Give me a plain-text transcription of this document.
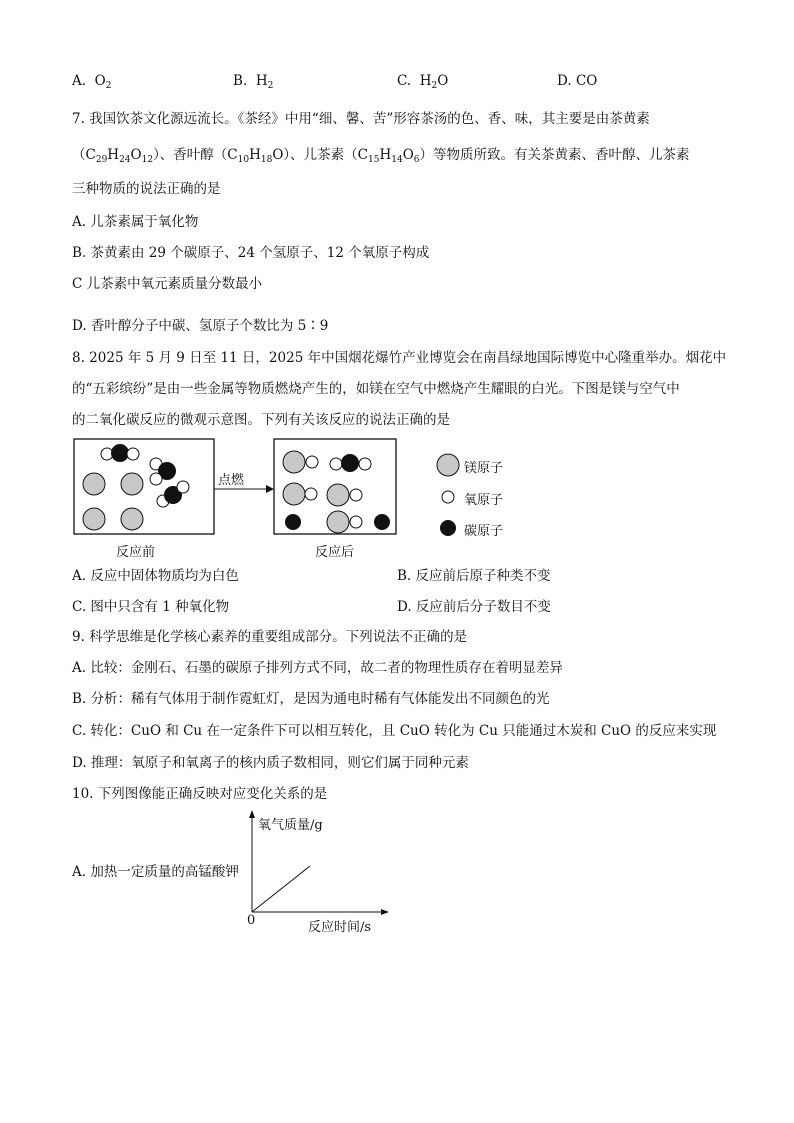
A. $O_2$	B. $H_2$	C. $H_2O$	D. CO
7. 我国饮茶文化源远流长。《茶经》中用“细、馨、苦”形容茶汤的色、香、味，其主要是由茶黄素
$(C_{29}H_{24}O_{12})$、香叶醇$(C_{10}H_{18}O)$、儿茶素$(C_{15}H_{14}O_6)$等物质所致。有关茶黄素、香叶醇、儿茶素
三种物质的说法正确的是
A. 儿茶素属于氧化物
B. 茶黄素由 29 个碳原子、24 个氢原子、12 个氧原子构成
C 儿茶素中氧元素质量分数最小
D. 香叶醇分子中碳、氢原子个数比为 5∶9
8. 2025 年 5 月 9 日至 11 日，2025 年中国烟花爆竹产业博览会在南昌绿地国际博览中心隆重举办。烟花中
的“五彩缤纷”是由一些金属等物质燃烧产生的，如镁在空气中燃烧产生耀眼的白光。下图是镁与空气中
的二氧化碳反应的微观示意图。下列有关该反应的说法正确的是
点燃
反应前	反应后
镁原子
氧原子
碳原子
A. 反应中固体物质均为白色	B. 反应前后原子种类不变
C. 图中只含有 1 种氧化物	D. 反应前后分子数目不变
9. 科学思维是化学核心素养的重要组成部分。下列说法不正确的是
A. 比较：金刚石、石墨的碳原子排列方式不同，故二者的物理性质存在着明显差异
B. 分析：稀有气体用于制作霓虹灯，是因为通电时稀有气体能发出不同颜色的光
C. 转化：CuO 和 Cu 在一定条件下可以相互转化，且 CuO 转化为 Cu 只能通过木炭和 CuO 的反应来实现
D. 推理：氧原子和氧离子的核内质子数相同，则它们属于同种元素
10. 下列图像能正确反映对应变化关系的是
A. 加热一定质量的高锰酸钾
氧气质量/g
反应时间/s
0
